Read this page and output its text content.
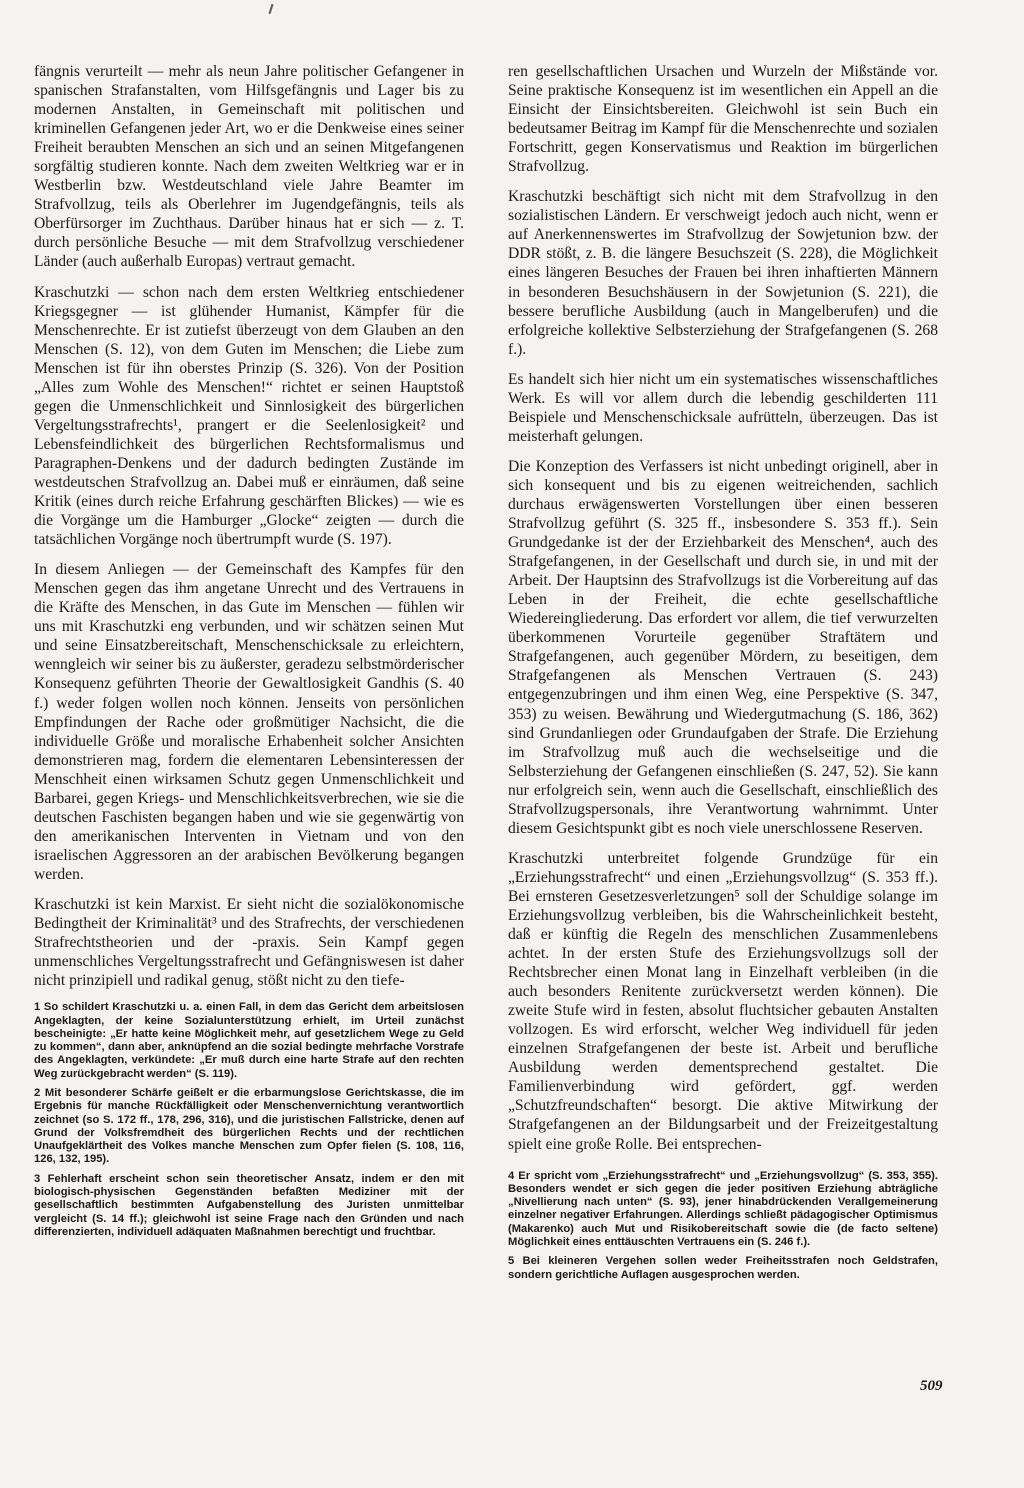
fängnis verurteilt — mehr als neun Jahre politischer Gefangener in spanischen Strafanstalten, vom Hilfsgefängnis und Lager bis zu modernen Anstalten, in Gemeinschaft mit politischen und kriminellen Gefangenen jeder Art, wo er die Denkweise eines seiner Freiheit beraubten Menschen an sich und an seinen Mitgefangenen sorgfältig studieren konnte. Nach dem zweiten Weltkrieg war er in Westberlin bzw. Westdeutschland viele Jahre Beamter im Strafvollzug, teils als Oberlehrer im Jugendgefängnis, teils als Oberfürsorger im Zuchthaus. Darüber hinaus hat er sich — z. T. durch persönliche Besuche — mit dem Strafvollzug verschiedener Länder (auch außerhalb Europas) vertraut gemacht.

Kraschutzki — schon nach dem ersten Weltkrieg entschiedener Kriegsgegner — ist glühender Humanist, Kämpfer für die Menschenrechte. Er ist zutiefst überzeugt von dem Glauben an den Menschen (S. 12), von dem Guten im Menschen; die Liebe zum Menschen ist für ihn oberstes Prinzip (S. 326). Von der Position „Alles zum Wohle des Menschen!“ richtet er seinen Hauptstoß gegen die Unmenschlichkeit und Sinnlosigkeit des bürgerlichen Vergeltungsstrafrechts¹, prangert er die Seelenlosigkeit² und Lebensfeindlichkeit des bürgerlichen Rechtsformalismus und Paragraphen-Denkens und der dadurch bedingten Zustände im westdeutschen Strafvollzug an. Dabei muß er einräumen, daß seine Kritik (eines durch reiche Erfahrung geschärften Blickes) — wie es die Vorgänge um die Hamburger „Glocke“ zeigten — durch die tatsächlichen Vorgänge noch übertrumpft wurde (S. 197).

In diesem Anliegen — der Gemeinschaft des Kampfes für den Menschen gegen das ihm angetane Unrecht und des Vertrauens in die Kräfte des Menschen, in das Gute im Menschen — fühlen wir uns mit Kraschutzki eng verbunden, und wir schätzen seinen Mut und seine Einsatzbereitschaft, Menschenschicksale zu erleichtern, wenngleich wir seiner bis zu äußerster, geradezu selbstmörderischer Konsequenz geführten Theorie der Gewaltlosigkeit Gandhis (S. 40 f.) weder folgen wollen noch können. Jenseits von persönlichen Empfindungen der Rache oder großmütiger Nachsicht, die die individuelle Größe und moralische Erhabenheit solcher Ansichten demonstrieren mag, fordern die elementaren Lebensinteressen der Menschheit einen wirksamen Schutz gegen Unmenschlichkeit und Barbarei, gegen Kriegs- und Menschlichkeitsverbrechen, wie sie die deutschen Faschisten begangen haben und wie sie gegenwärtig von den amerikanischen Interventen in Vietnam und von den israelischen Aggressoren an der arabischen Bevölkerung begangen werden.

Kraschutzki ist kein Marxist. Er sieht nicht die sozialökonomische Bedingtheit der Kriminalität³ und des Strafrechts, der verschiedenen Strafrechtstheorien und der -praxis. Sein Kampf gegen unmenschliches Vergeltungsstrafrecht und Gefängniswesen ist daher nicht prinzipiell und radikal genug, stößt nicht zu den tiefe-

1 So schildert Kraschutzki u. a. einen Fall, in dem das Gericht dem arbeitslosen Angeklagten, der keine Sozialunterstützung erhielt, im Urteil zunächst bescheinigte: „Er hatte keine Möglichkeit mehr, auf gesetzlichem Wege zu Geld zu kommen“, dann aber, anknüpfend an die sozial bedingte mehrfache Vorstrafe des Angeklagten, verkündete: „Er muß durch eine harte Strafe auf den rechten Weg zurückgebracht werden“ (S. 119).

2 Mit besonderer Schärfe geißelt er die erbarmungslose Gerichtskasse, die im Ergebnis für manche Rückfälligkeit oder Menschenvernichtung verantwortlich zeichnet (so S. 172 ff., 178, 296, 316), und die juristischen Fallstricke, denen auf Grund der Volksfremdheit des bürgerlichen Rechts und der rechtlichen Unaufgeklärtheit des Volkes manche Menschen zum Opfer fielen (S. 108, 116, 126, 132, 195).

3 Fehlerhaft erscheint schon sein theoretischer Ansatz, indem er den mit biologisch-physischen Gegenständen befaßten Mediziner mit der gesellschaftlich bestimmten Aufgabenstellung des Juristen unmittelbar vergleicht (S. 14 ff.); gleichwohl ist seine Frage nach den Gründen und nach differenzierten, individuell adäquaten Maßnahmen berechtigt und fruchtbar.

ren gesellschaftlichen Ursachen und Wurzeln der Mißstände vor. Seine praktische Konsequenz ist im wesentlichen ein Appell an die Einsicht der Einsichtsbereiten. Gleichwohl ist sein Buch ein bedeutsamer Beitrag im Kampf für die Menschenrechte und sozialen Fortschritt, gegen Konservatismus und Reaktion im bürgerlichen Strafvollzug.

Kraschutzki beschäftigt sich nicht mit dem Strafvollzug in den sozialistischen Ländern. Er verschweigt jedoch auch nicht, wenn er auf Anerkennenswertes im Strafvollzug der Sowjetunion bzw. der DDR stößt, z. B. die längere Besuchszeit (S. 228), die Möglichkeit eines längeren Besuches der Frauen bei ihren inhaftierten Männern in besonderen Besuchshäusern in der Sowjetunion (S. 221), die bessere berufliche Ausbildung (auch in Mangelberufen) und die erfolgreiche kollektive Selbsterziehung der Strafgefangenen (S. 268 f.).

Es handelt sich hier nicht um ein systematisches wissenschaftliches Werk. Es will vor allem durch die lebendig geschilderten 111 Beispiele und Menschenschicksale aufrütteln, überzeugen. Das ist meisterhaft gelungen.

Die Konzeption des Verfassers ist nicht unbedingt originell, aber in sich konsequent und bis zu eigenen weitreichenden, sachlich durchaus erwägenswerten Vorstellungen über einen besseren Strafvollzug geführt (S. 325 ff., insbesondere S. 353 ff.). Sein Grundgedanke ist der der Erziehbarkeit des Menschen⁴, auch des Strafgefangenen, in der Gesellschaft und durch sie, in und mit der Arbeit. Der Hauptsinn des Strafvollzugs ist die Vorbereitung auf das Leben in der Freiheit, die echte gesellschaftliche Wiedereingliederung. Das erfordert vor allem, die tief verwurzelten überkommenen Vorurteile gegenüber Straftätern und Strafgefangenen, auch gegenüber Mördern, zu beseitigen, dem Strafgefangenen als Menschen Vertrauen (S. 243) entgegenzubringen und ihm einen Weg, eine Perspektive (S. 347, 353) zu weisen. Bewährung und Wiedergutmachung (S. 186, 362) sind Grundanliegen oder Grundaufgaben der Strafe. Die Erziehung im Strafvollzug muß auch die wechselseitige und die Selbsterziehung der Gefangenen einschließen (S. 247, 52). Sie kann nur erfolgreich sein, wenn auch die Gesellschaft, einschließlich des Strafvollzugspersonals, ihre Verantwortung wahrnimmt. Unter diesem Gesichtspunkt gibt es noch viele unerschlossene Reserven.

Kraschutzki unterbreitet folgende Grundzüge für ein „Erziehungsstrafrecht“ und einen „Erziehungsvollzug“ (S. 353 ff.). Bei ernsteren Gesetzesverletzungen⁵ soll der Schuldige solange im Erziehungsvollzug verbleiben, bis die Wahrscheinlichkeit besteht, daß er künftig die Regeln des menschlichen Zusammenlebens achtet. In der ersten Stufe des Erziehungsvollzugs soll der Rechtsbrecher einen Monat lang in Einzelhaft verbleiben (in die auch besonders Renitente zurückversetzt werden können). Die zweite Stufe wird in festen, absolut fluchtsicher gebauten Anstalten vollzogen. Es wird erforscht, welcher Weg individuell für jeden einzelnen Strafgefangenen der beste ist. Arbeit und berufliche Ausbildung werden dementsprechend gestaltet. Die Familienverbindung wird gefördert, ggf. werden „Schutzfreundschaften“ besorgt. Die aktive Mitwirkung der Strafgefangenen an der Bildungsarbeit und der Freizeitgestaltung spielt eine große Rolle. Bei entsprechen-

4 Er spricht vom „Erziehungsstrafrecht“ und „Erziehungsvollzug“ (S. 353, 355). Besonders wendet er sich gegen die jeder positiven Erziehung abträgliche „Nivellierung nach unten“ (S. 93), jener hinabdrückenden Verallgemeinerung einzelner negativer Erfahrungen. Allerdings schließt pädagogischer Optimismus (Makarenko) auch Mut und Risikobereitschaft sowie die (de facto seltene) Möglichkeit eines enttäuschten Vertrauens ein (S. 246 f.).

5 Bei kleineren Vergehen sollen weder Freiheitsstrafen noch Geldstrafen, sondern gerichtliche Auflagen ausgesprochen werden.

509
